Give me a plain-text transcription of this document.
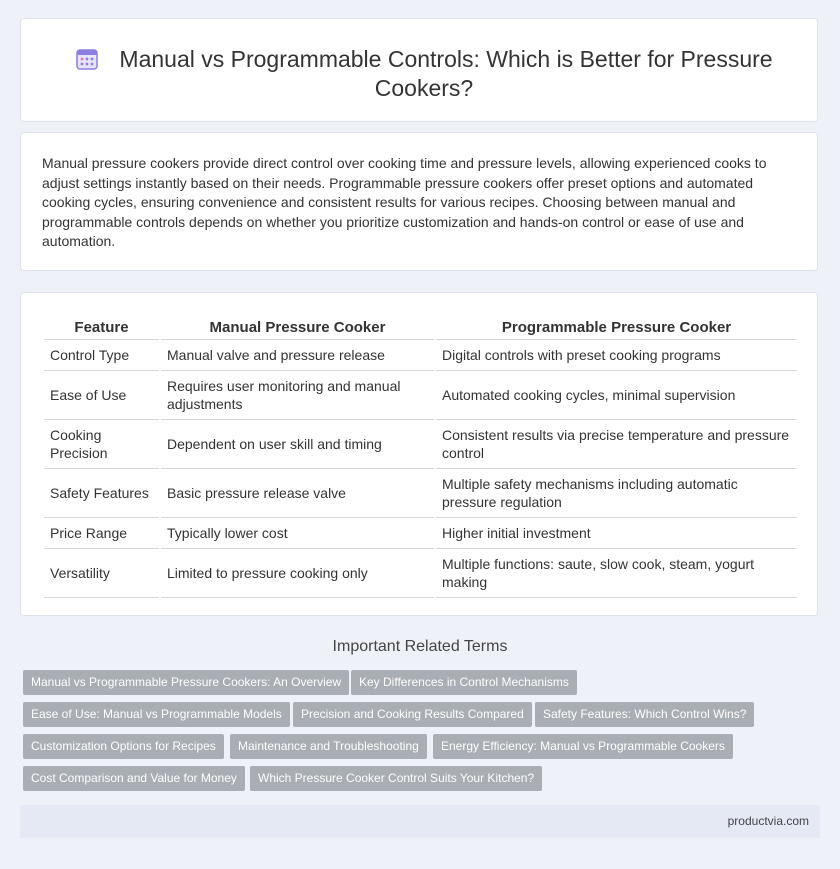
Manual vs Programmable Controls: Which is Better for Pressure Cookers?

Manual pressure cookers provide direct control over cooking time and pressure levels, allowing experienced cooks to adjust settings instantly based on their needs. Programmable pressure cookers offer preset options and automated cooking cycles, ensuring convenience and consistent results for various recipes. Choosing between manual and programmable controls depends on whether you prioritize customization and hands-on control or ease of use and automation.

Feature	Manual Pressure Cooker	Programmable Pressure Cooker
Control Type	Manual valve and pressure release	Digital controls with preset cooking programs
Ease of Use	Requires user monitoring and manual adjustments	Automated cooking cycles, minimal supervision
Cooking Precision	Dependent on user skill and timing	Consistent results via precise temperature and pressure control
Safety Features	Basic pressure release valve	Multiple safety mechanisms including automatic pressure regulation
Price Range	Typically lower cost	Higher initial investment
Versatility	Limited to pressure cooking only	Multiple functions: saute, slow cook, steam, yogurt making
Important Related Terms
Manual vs Programmable Pressure Cookers: An Overview	Key Differences in Control Mechanisms
Ease of Use: Manual vs Programmable Models	Precision and Cooking Results Compared	Safety Features: Which Control Wins?
Customization Options for Recipes	Maintenance and Troubleshooting	Energy Efficiency: Manual vs Programmable Cookers
Cost Comparison and Value for Money	Which Pressure Cooker Control Suits Your Kitchen?
productvia.com
